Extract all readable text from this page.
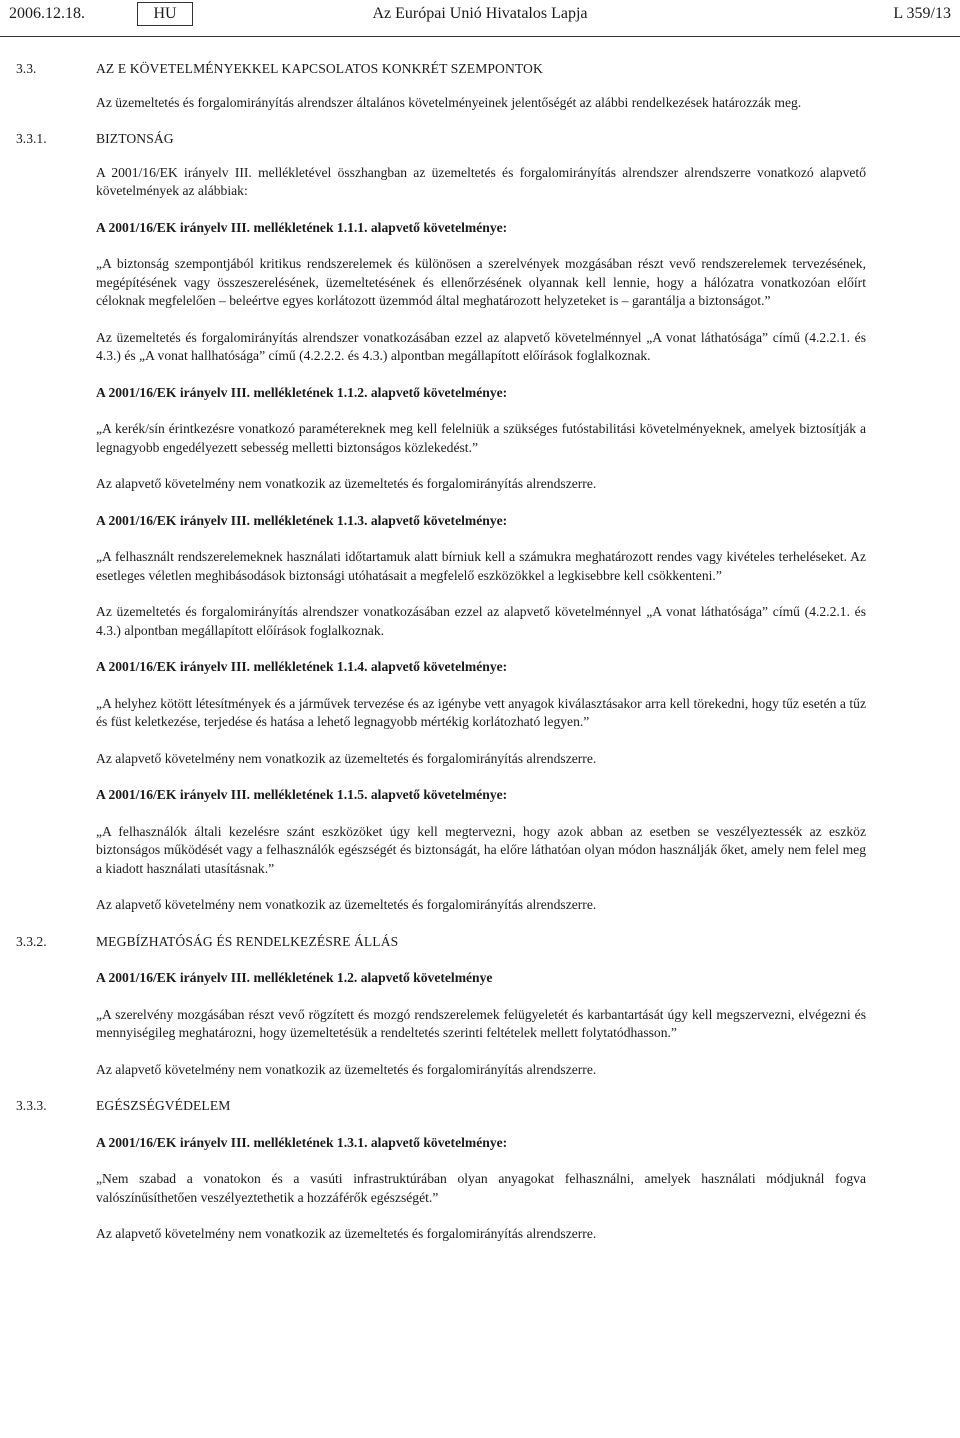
2006.12.18.	HU	Az Európai Unió Hivatalos Lapja	L 359/13
3.3.	AZ E KÖVETELMÉNYEKKEL KAPCSOLATOS KONKRÉT SZEMPONTOK

Az üzemeltetés és forgalomirányítás alrendszer általános követelményeinek jelentőségét az alábbi rendelkezések határozzák meg.

3.3.1.	BIZTONSÁG

A 2001/16/EK irányelv III. mellékletével összhangban az üzemeltetés és forgalomirányítás alrendszer alrendszerre vonatkozó alapvető követelmények az alábbiak:

A 2001/16/EK irányelv III. mellékletének 1.1.1. alapvető követelménye:

„A biztonság szempontjából kritikus rendszerelemek és különösen a szerelvények mozgásában részt vevő rendszerelemek tervezésének, megépítésének vagy összeszerelésének, üzemeltetésének és ellenőrzésének olyannak kell lennie, hogy a hálózatra vonatkozóan előírt céloknak megfelelően – beleértve egyes korlátozott üzemmód által meghatározott helyzeteket is – garantálja a biztonságot.”

Az üzemeltetés és forgalomirányítás alrendszer vonatkozásában ezzel az alapvető követelménnyel „A vonat láthatósága” című (4.2.2.1. és 4.3.) és „A vonat hallhatósága” című (4.2.2.2. és 4.3.) alpontban megállapított előírások foglalkoznak.

A 2001/16/EK irányelv III. mellékletének 1.1.2. alapvető követelménye:

„A kerék/sín érintkezésre vonatkozó paramétereknek meg kell felelniük a szükséges futóstabilitási követelményeknek, amelyek biztosítják a legnagyobb engedélyezett sebesség melletti biztonságos közlekedést.”

Az alapvető követelmény nem vonatkozik az üzemeltetés és forgalomirányítás alrendszerre.

A 2001/16/EK irányelv III. mellékletének 1.1.3. alapvető követelménye:

„A felhasznált rendszerelemeknek használati időtartamuk alatt bírniuk kell a számukra meghatározott rendes vagy kivételes terheléseket. Az esetleges véletlen meghibásodások biztonsági utóhatásait a megfelelő eszközökkel a legkisebbre kell csökkenteni.”

Az üzemeltetés és forgalomirányítás alrendszer vonatkozásában ezzel az alapvető követelménnyel „A vonat láthatósága” című (4.2.2.1. és 4.3.) alpontban megállapított előírások foglalkoznak.

A 2001/16/EK irányelv III. mellékletének 1.1.4. alapvető követelménye:

„A helyhez kötött létesítmények és a járművek tervezése és az igénybe vett anyagok kiválasztásakor arra kell törekedni, hogy tűz esetén a tűz és füst keletkezése, terjedése és hatása a lehető legnagyobb mértékig korlátozható legyen.”

Az alapvető követelmény nem vonatkozik az üzemeltetés és forgalomirányítás alrendszerre.

A 2001/16/EK irányelv III. mellékletének 1.1.5. alapvető követelménye:

„A felhasználók általi kezelésre szánt eszközöket úgy kell megtervezni, hogy azok abban az esetben se veszélyeztessék az eszköz biztonságos működését vagy a felhasználók egészségét és biztonságát, ha előre láthatóan olyan módon használják őket, amely nem felel meg a kiadott használati utasításnak.”

Az alapvető követelmény nem vonatkozik az üzemeltetés és forgalomirányítás alrendszerre.

3.3.2.	MEGBÍZHATÓSÁG ÉS RENDELKEZÉSRE ÁLLÁS

A 2001/16/EK irányelv III. mellékletének 1.2. alapvető követelménye

„A szerelvény mozgásában részt vevő rögzített és mozgó rendszerelemek felügyeletét és karbantartását úgy kell megszervezni, elvégezni és mennyiségileg meghatározni, hogy üzemeltetésük a rendeltetés szerinti feltételek mellett folytatódhasson.”

Az alapvető követelmény nem vonatkozik az üzemeltetés és forgalomirányítás alrendszerre.

3.3.3.	EGÉSZSÉGVÉDELEM

A 2001/16/EK irányelv III. mellékletének 1.3.1. alapvető követelménye:

„Nem szabad a vonatokon és a vasúti infrastruktúrában olyan anyagokat felhasználni, amelyek használati módjuknál fogva valószínűsíthetően veszélyeztethetik a hozzáférők egészségét.”

Az alapvető követelmény nem vonatkozik az üzemeltetés és forgalomirányítás alrendszerre.
